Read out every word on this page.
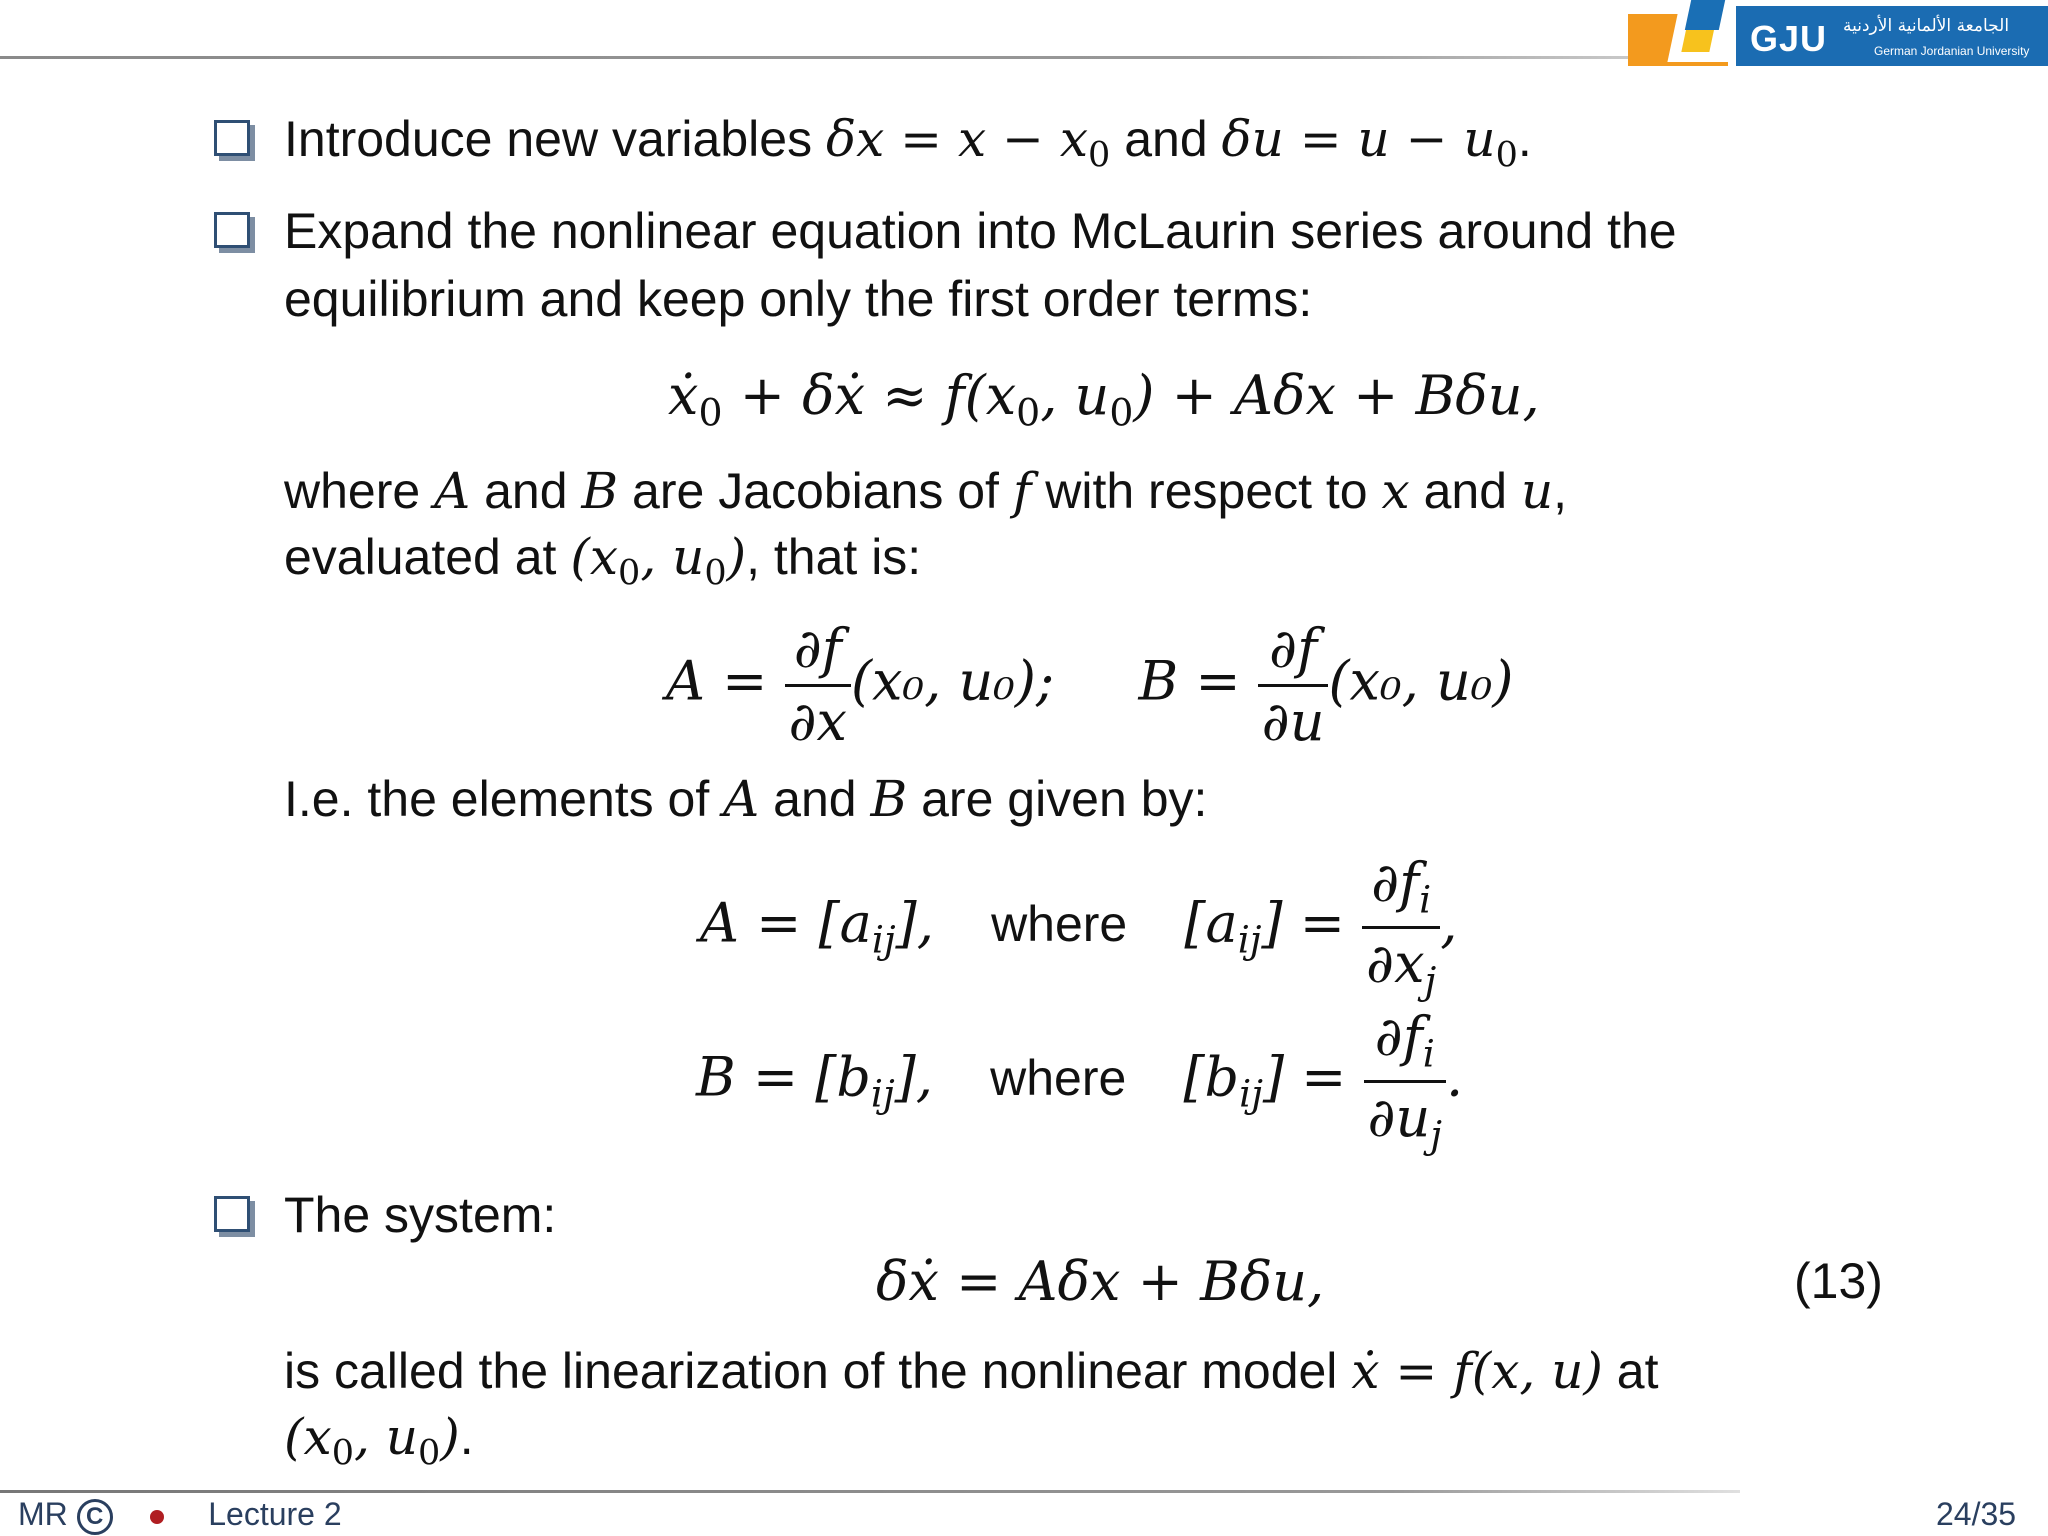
GJU الجامعة الألمانية الأردنية
German Jordanian University
Introduce new variables $\delta x = x - x_0$ and $\delta u = u - u_0$.
Expand the nonlinear equation into McLaurin series around the
equilibrium and keep only the first order terms:
ẋ$_0$ + δẋ ≈ $f(x_0$, $u_0) + A\delta x + B\delta u$,
where A and B are Jacobians of f with respect to x and u,
evaluated at ($x_0$, $u_0$), that is:
$A = \frac{\partial f}{\partial x} (x_0$, u₀); $B = \frac{\partial f}{\partial u} (x_0$, u₀)
I.e. the elements of A and B are given by:
$A = [a_{ij}]$, where $[a_{ij}] = \frac{\partial f_i}{\partial x_j}$ ,
$B = [b_{ij}]$, where $[b_{ij}] = \frac{\partial f_i}{\partial u_j}$ .
The system:
δẋ = Aδx + Bδu,	(13)
is called the linearization of the nonlinear model ẋ = f(x, u) at
($x_0$, $u_0$).
MR C	Lecture 2	24/35
